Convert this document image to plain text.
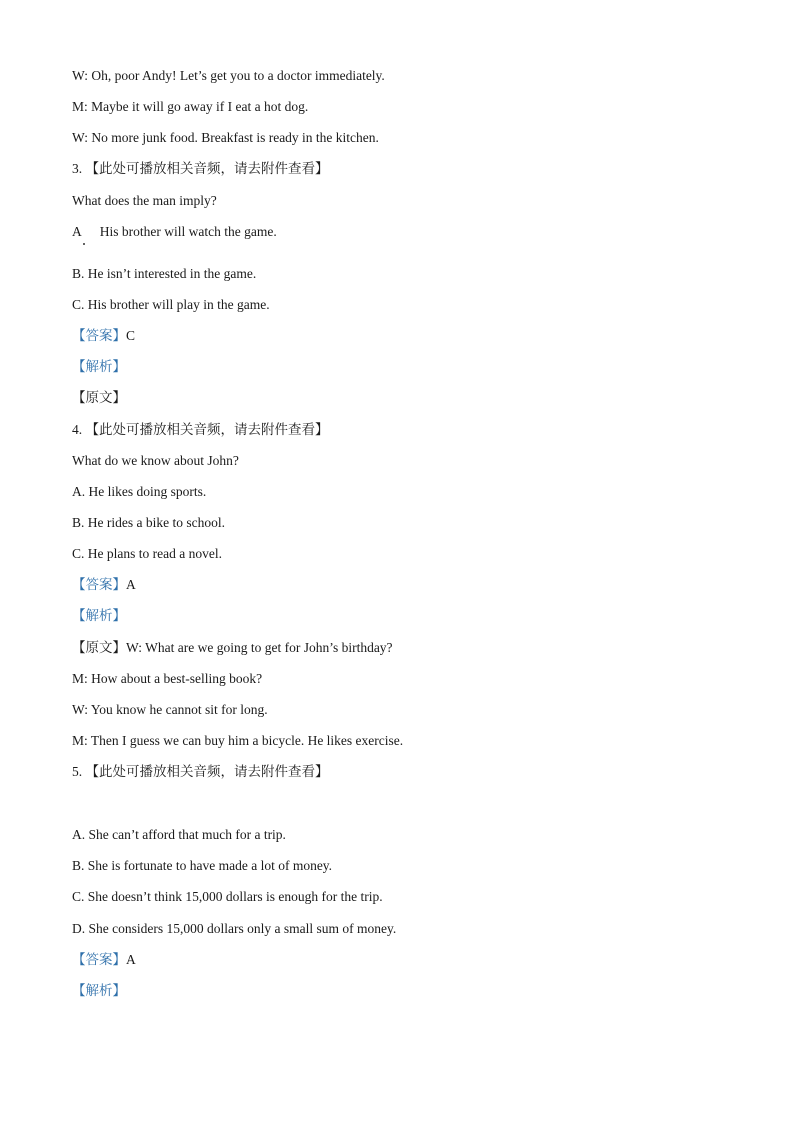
W: Oh, poor Andy! Let’s get you to a doctor immediately.
M: Maybe it will go away if I eat a hot dog.
W: No more junk food. Breakfast is ready in the kitchen.
3. 【此处可播放相关音频，请去附件查看】
What does the man imply?
A His brother will watch the game.
B. He isn’t interested in the game.
C. His brother will play in the game.
【答案】C
【解析】
【原文】
4. 【此处可播放相关音频，请去附件查看】
What do we know about John?
A. He likes doing sports.
B. He rides a bike to school.
C. He plans to read a novel.
【答案】A
【解析】
【原文】W: What are we going to get for John’s birthday?
M: How about a best-selling book?
W: You know he cannot sit for long.
M: Then I guess we can buy him a bicycle. He likes exercise.
5. 【此处可播放相关音频，请去附件查看】
A. She can’t afford that much for a trip.
B. She is fortunate to have made a lot of money.
C. She doesn’t think 15,000 dollars is enough for the trip.
D. She considers 15,000 dollars only a small sum of money.
【答案】A
【解析】
